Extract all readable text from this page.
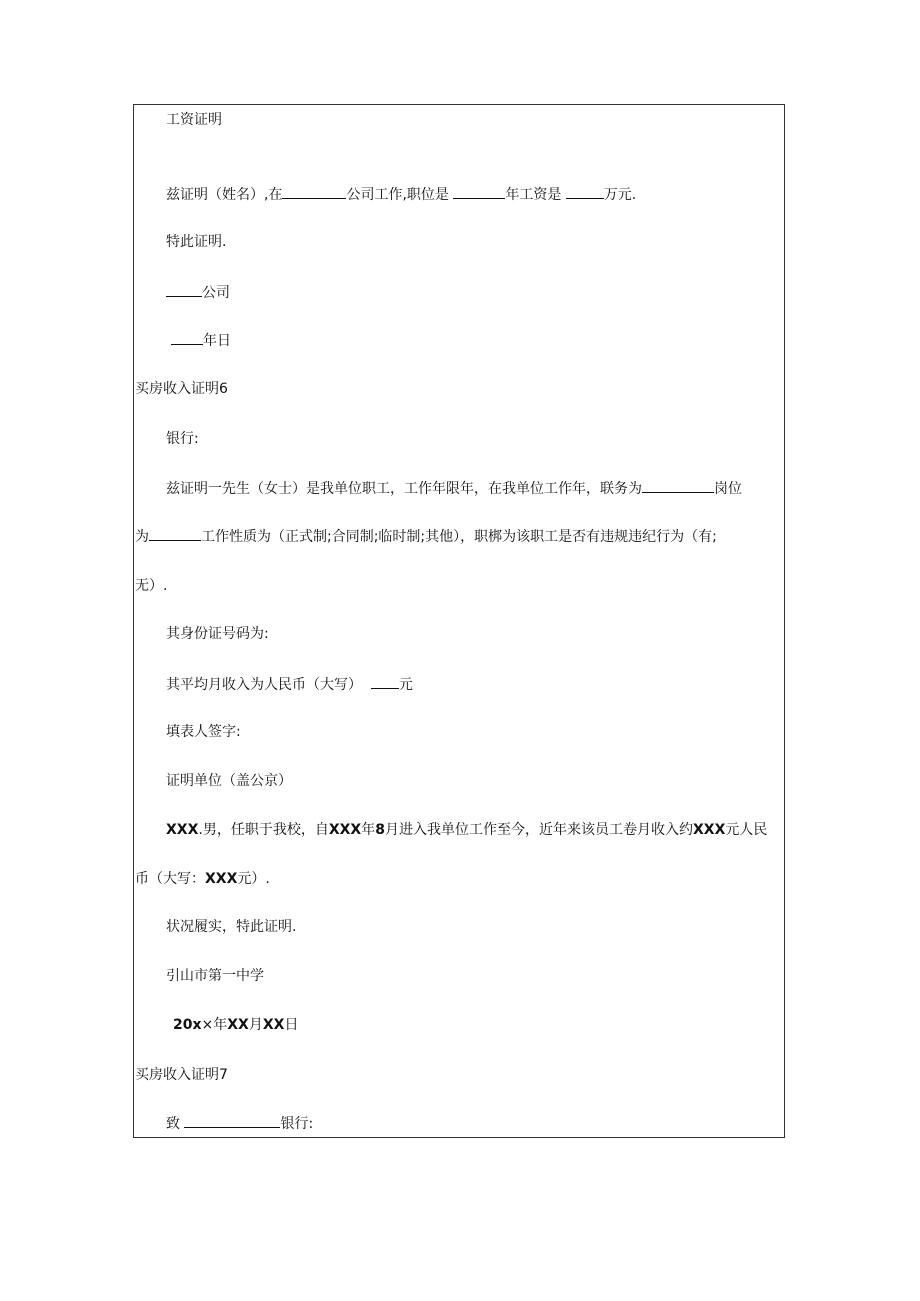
工资证明
兹证明（姓名）,在	公司工作,职位是	年工资是	万元.
特此证明.
公司
年日
买房收入证明6
银行:
兹证明一先生（女士）是我单位职工，工作年限年，在我单位工作年，联务为	岗位
为	工作性质为（正式制;合同制;临时制;其他），职梆为该职工是否有违规违纪行为（有;
无）.
其身份证号码为:
其平均月收入为人民币（大写）	元
填表人签字:
证明单位（盖公京）
XXX.男，任职于我校，自XXX年8月进入我单位工作至今，近年来该员工卷月收入约XXX元人民
币（大写：XXX元）.
状况履实，特此证明.
引山市第一中学
20x×年XX月XX日
买房收入证明7
致	银行:
